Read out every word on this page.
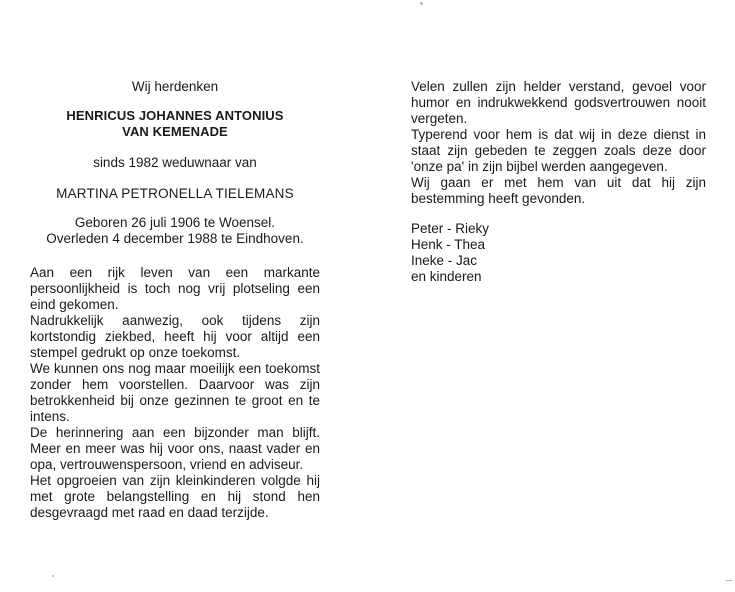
Wij herdenken
HENRICUS JOHANNES ANTONIUS
VAN KEMENADE
sinds 1982 weduwnaar van
MARTINA PETRONELLA TIELEMANS
Geboren 26 juli 1906 te Woensel.
Overleden 4 december 1988 te Eindhoven.
Aan een rijk leven van een markante persoonlijkheid is toch nog vrij plotseling een eind gekomen.
Nadrukkelijk aanwezig, ook tijdens zijn kortstondig ziekbed, heeft hij voor altijd een stempel gedrukt op onze toekomst.
We kunnen ons nog maar moeilijk een toekomst zonder hem voorstellen. Daarvoor was zijn betrokkenheid bij onze gezinnen te groot en te intens.
De herinnering aan een bijzonder man blijft. Meer en meer was hij voor ons, naast vader en opa, vertrouwenspersoon, vriend en adviseur.
Het opgroeien van zijn kleinkinderen volgde hij met grote belangstelling en hij stond hen desgevraagd met raad en daad terzijde.
Velen zullen zijn helder verstand, gevoel voor humor en indrukwekkend godsvertrouwen nooit vergeten.
Typerend voor hem is dat wij in deze dienst in staat zijn gebeden te zeggen zoals deze door 'onze pa' in zijn bijbel werden aangegeven.
Wij gaan er met hem van uit dat hij zijn bestemming heeft gevonden.
Peter - Rieky
Henk - Thea
Ineke - Jac
en kinderen
